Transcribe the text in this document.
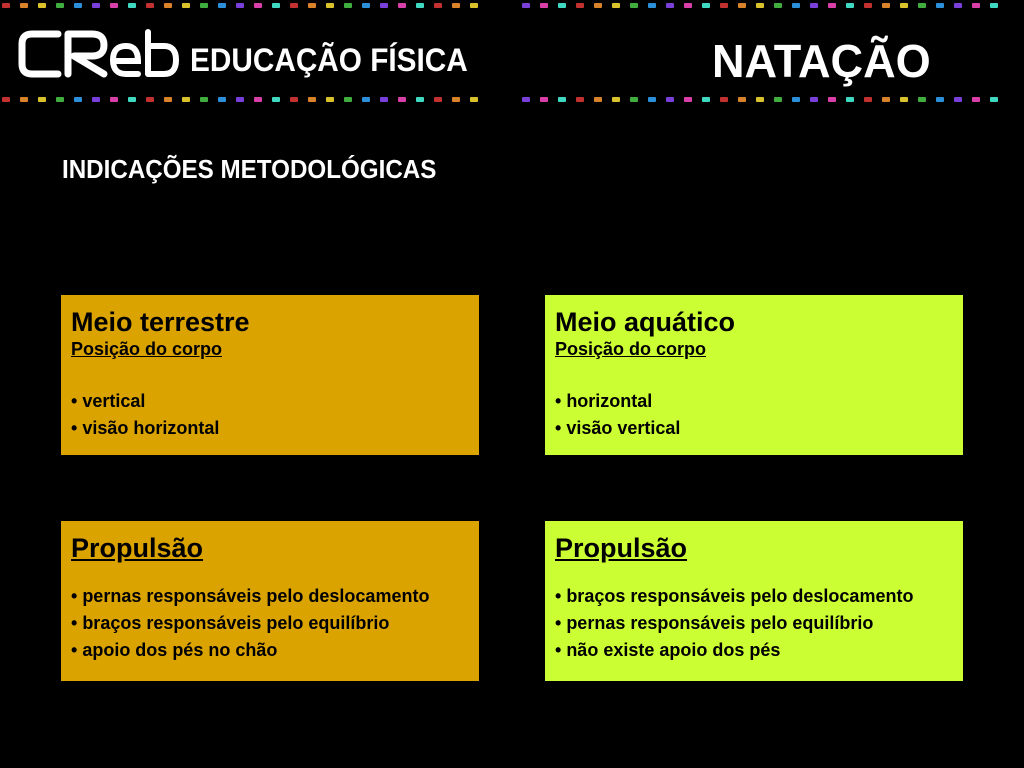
EDUCAÇÃO FÍSICA	NATAÇÃO
INDICAÇÕES METODOLÓGICAS

Meio terrestre

Posição do corpo

• vertical
• visão horizontal

Meio aquático

Posição do corpo

• horizontal
• visão vertical

Propulsão

• pernas responsáveis pelo deslocamento
• braços responsáveis pelo equilíbrio
• apoio dos pés no chão

Propulsão

• braços responsáveis pelo deslocamento
• pernas responsáveis pelo equilíbrio
• não existe apoio dos pés
